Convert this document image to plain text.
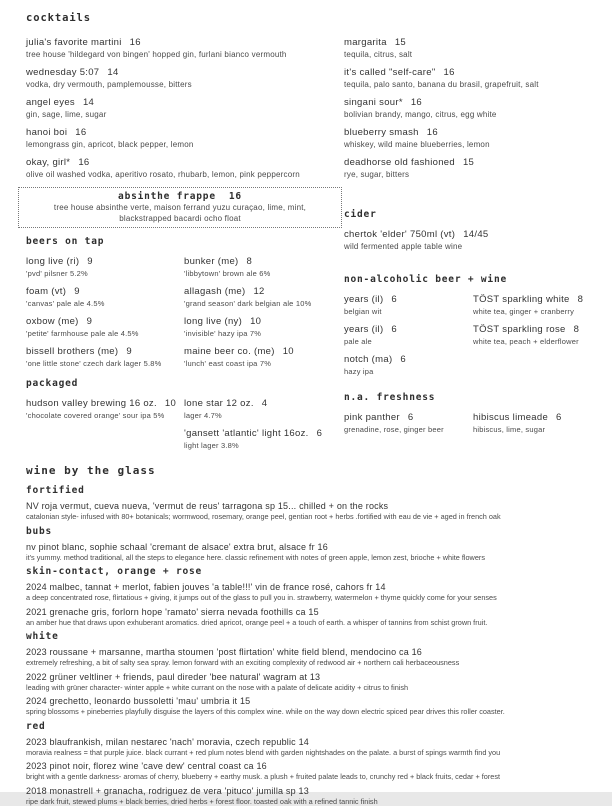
cocktails
julia's favorite martini 16
tree house 'hildegard von bingen' hopped gin, furlani bianco vermouth
wednesday 5:07 14
vodka, dry vermouth, pamplemousse, bitters
angel eyes 14
gin, sage, lime, sugar
hanoi boi 16
lemongrass gin, apricot, black pepper, lemon
okay, girl* 16
olive oil washed vodka, aperitivo rosato, rhubarb, lemon, pink peppercorn
margarita 15
tequila, citrus, salt
it's called "self-care" 16
tequila, palo santo, banana du brasil, grapefruit, salt
singani sour* 16
bolivian brandy, mango, citrus, egg white
blueberry smash 16
whiskey, wild maine blueberries, lemon
deadhorse old fashioned 15
rye, sugar, bitters
absinthe frappe 16
tree house absinthe verte, maison ferrand yuzu curaçao, lime, mint, blackstrapped bacardi ocho float
beers on tap
long live (ri) 9
'pvd' pilsner 5.2%
bunker (me) 8
'libbytown' brown ale 6%
foam (vt) 9
'canvas' pale ale 4.5%
allagash (me) 12
'grand season' dark belgian ale 10%
oxbow (me) 9
'petite' farmhouse pale ale 4.5%
long live (ny) 10
'invisible' hazy ipa 7%
bissell brothers (me) 9
'one little stone' czech dark lager 5.8%
maine beer co. (me) 10
'lunch' east coast ipa 7%
packaged
hudson valley brewing 16 oz. 10
'chocolate covered orange' sour ipa 5%
lone star 12 oz. 4
lager 4.7%
'gansett 'atlantic' light 16oz. 6
light lager 3.8%
cider
chertok 'elder' 750ml (vt) 14/45
wild fermented apple table wine
non-alcoholic beer + wine
years (il) 6
belgian wit
TÖST sparkling white 8
white tea, ginger + cranberry
years (il) 6
pale ale
TÖST sparkling rose 8
white tea, peach + elderflower
notch (ma) 6
hazy ipa
n.a. freshness
pink panther 6
grenadine, rose, ginger beer
hibiscus limeade 6
hibiscus, lime, sugar
wine by the glass
fortified
NV roja vermut, cueva nueva, 'vermut de reus' tarragona sp 15... chilled + on the rocks
catalonian style- infused with 80+ botanicals; wormwood, rosemary, orange peel, gentian root + herbs .fortified with eau de vie + aged in french oak
bubs
nv pinot blanc, sophie schaal 'cremant de alsace' extra brut, alsace fr 16
it's yummy. method traditional, all the steps to elegance here. classic refinement with notes of green apple, lemon zest, brioche + white flowers
skin-contact, orange + rose
2024 malbec, tannat + merlot, fabien jouves 'a table!!!' vin de france rosé, cahors fr 14
a deep concentrated rose, flirtatious + giving, it jumps out of the glass to pull you in. strawberry, watermelon + thyme quickly come for your senses
2021 grenache gris, forlorn hope 'ramato' sierra nevada foothills ca 15
an amber hue that draws upon exhuberant aromatics. dried apricot, orange peel + a touch of earth. a whisper of tannins from schist grown fruit.
white
2023 roussane + marsanne, martha stoumen 'post flirtation' white field blend, mendocino ca 16
extremely refreshing, a bit of salty sea spray. lemon forward with an exciting complexity of redwood air + northern cali herbaceousness
2022 grüner veltliner + friends, paul direder 'bee natural' wagram at 13
leading with grüner character- winter apple + white currant on the nose with a palate of delicate acidity + citrus to finish
2024 grechetto, leonardo bussoletti 'mau' umbria it 15
spring blossoms + pineberries playfully disguise the layers of this complex wine. while on the way down electric spiced pear drives this roller coaster.
red
2023 blaufrankish, milan nestarec 'nach' moravia, czech republic 14
moravia realness = that purple juice. black currant + red plum notes blend with garden nightshades on the palate. a burst of spings warmth find you
2023 pinot noir, florez wine 'cave dew' central coast ca 16
bright with a gentle darkness- aromas of cherry, blueberry + earthy musk. a plush + fruited palate leads to, crunchy red + black fruits, cedar + forest
2018 monastrell + granacha, rodriguez de vera 'pituco' jumilla sp 13
ripe dark fruit, stewed plums + black berries, dried herbs + forest floor. toasted oak with a refined tannic finish
